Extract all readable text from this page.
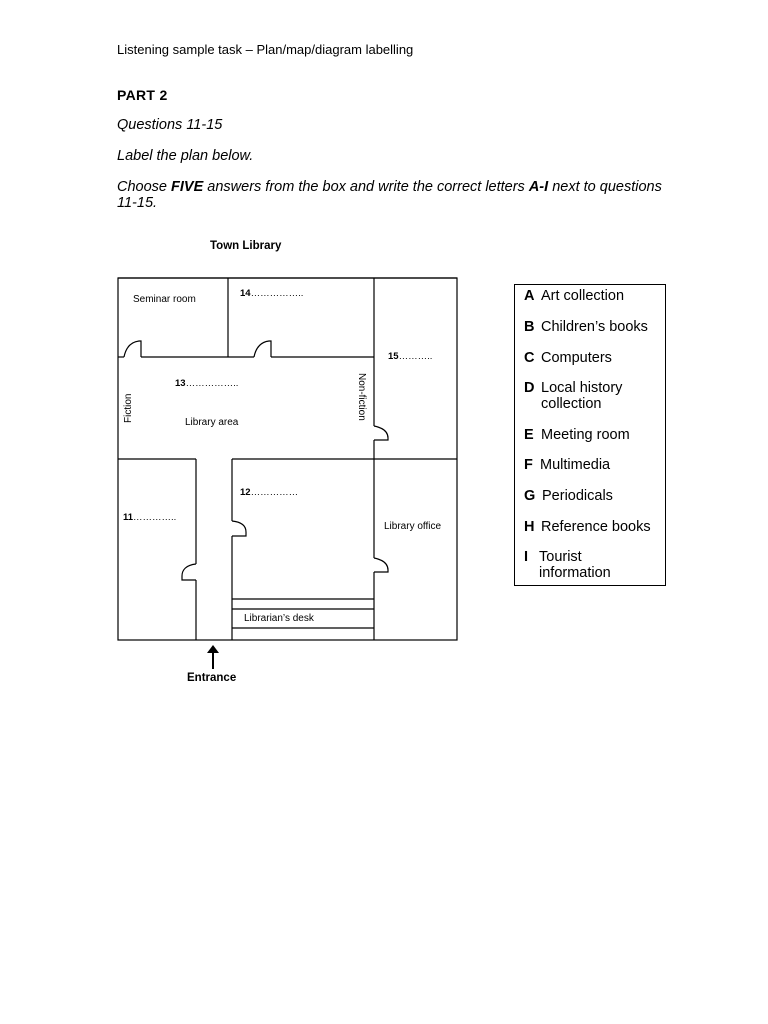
Listening sample task – Plan/map/diagram labelling
PART 2
Questions 11-15
Label the plan below.
Choose FIVE answers from the box and write the correct letters A-I next to questions 11-15.
Town Library
Seminar room
14……………..
15………..
13……………..
Library area
Fiction	Non-fiction
12……………
11…………..
Library office
Librarian’s desk
Entrance
A Art collection
B Children’s books
C Computers
D Local history collection
E Meeting room
F Multimedia
G Periodicals
H Reference books
I Tourist information
